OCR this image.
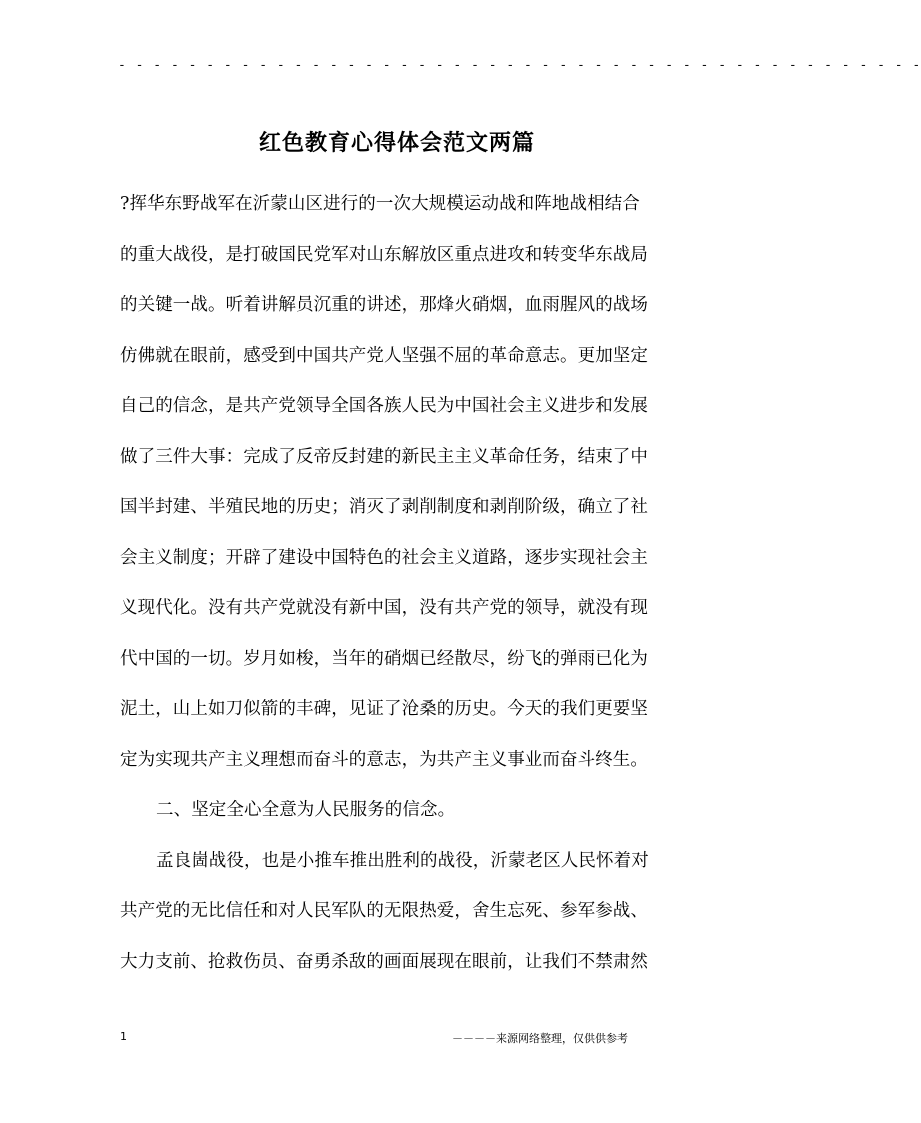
- - - - - - - - - - - - - - - - - - - - - - - - - - - - - - - - - - - - - - - - - - - - - -
红色教育心得体会范文两篇
?挥华东野战军在沂蒙山区进行的一次大规模运动战和阵地战相结合
的重大战役，是打破国民党军对山东解放区重点进攻和转变华东战局
的关键一战。听着讲解员沉重的讲述，那烽火硝烟，血雨腥风的战场
仿佛就在眼前，感受到中国共产党人坚强不屈的革命意志。更加坚定
自己的信念，是共产党领导全国各族人民为中国社会主义进步和发展
做了三件大事：完成了反帝反封建的新民主主义革命任务，结束了中
国半封建、半殖民地的历史；消灭了剥削制度和剥削阶级，确立了社
会主义制度；开辟了建设中国特色的社会主义道路，逐步实现社会主
义现代化。没有共产党就没有新中国，没有共产党的领导，就没有现
代中国的一切。岁月如梭，当年的硝烟已经散尽，纷飞的弹雨已化为
泥土，山上如刀似箭的丰碑，见证了沧桑的历史。今天的我们更要坚
定为实现共产主义理想而奋斗的意志，为共产主义事业而奋斗终生。
二、坚定全心全意为人民服务的信念。
孟良崮战役，也是小推车推出胜利的战役，沂蒙老区人民怀着对
共产党的无比信任和对人民军队的无限热爱，舍生忘死、参军参战、
大力支前、抢救伤员、奋勇杀敌的画面展现在眼前，让我们不禁肃然
1	－－－－来源网络整理，仅供供参考
